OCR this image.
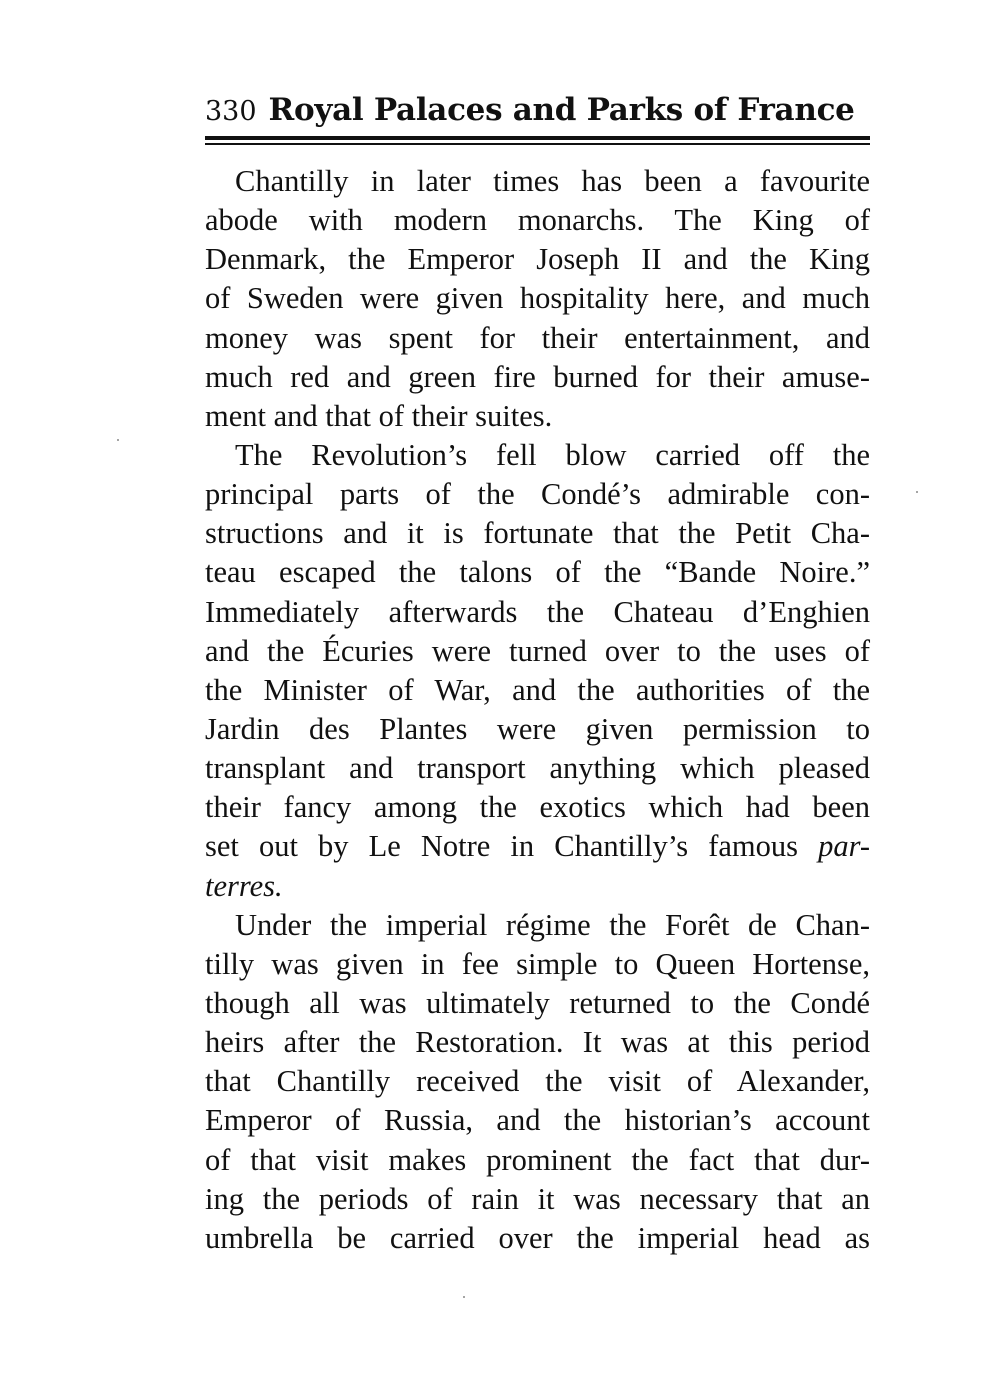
330 Royal Palaces and Parks of France
Chantilly in later times has been a favourite
abode with modern monarchs. The King of
Denmark, the Emperor Joseph II and the King
of Sweden were given hospitality here, and much
money was spent for their entertainment, and
much red and green fire burned for their amuse-
ment and that of their suites.
The Revolution’s fell blow carried off the
principal parts of the Condé’s admirable con-
structions and it is fortunate that the Petit Cha-
teau escaped the talons of the “Bande Noire.”
Immediately afterwards the Chateau d’Enghien
and the Écuries were turned over to the uses of
the Minister of War, and the authorities of the
Jardin des Plantes were given permission to
transplant and transport anything which pleased
their fancy among the exotics which had been
set out by Le Notre in Chantilly’s famous par-
terres.
Under the imperial régime the Forêt de Chan-
tilly was given in fee simple to Queen Hortense,
though all was ultimately returned to the Condé
heirs after the Restoration. It was at this period
that Chantilly received the visit of Alexander,
Emperor of Russia, and the historian’s account
of that visit makes prominent the fact that dur-
ing the periods of rain it was necessary that an
umbrella be carried over the imperial head as
